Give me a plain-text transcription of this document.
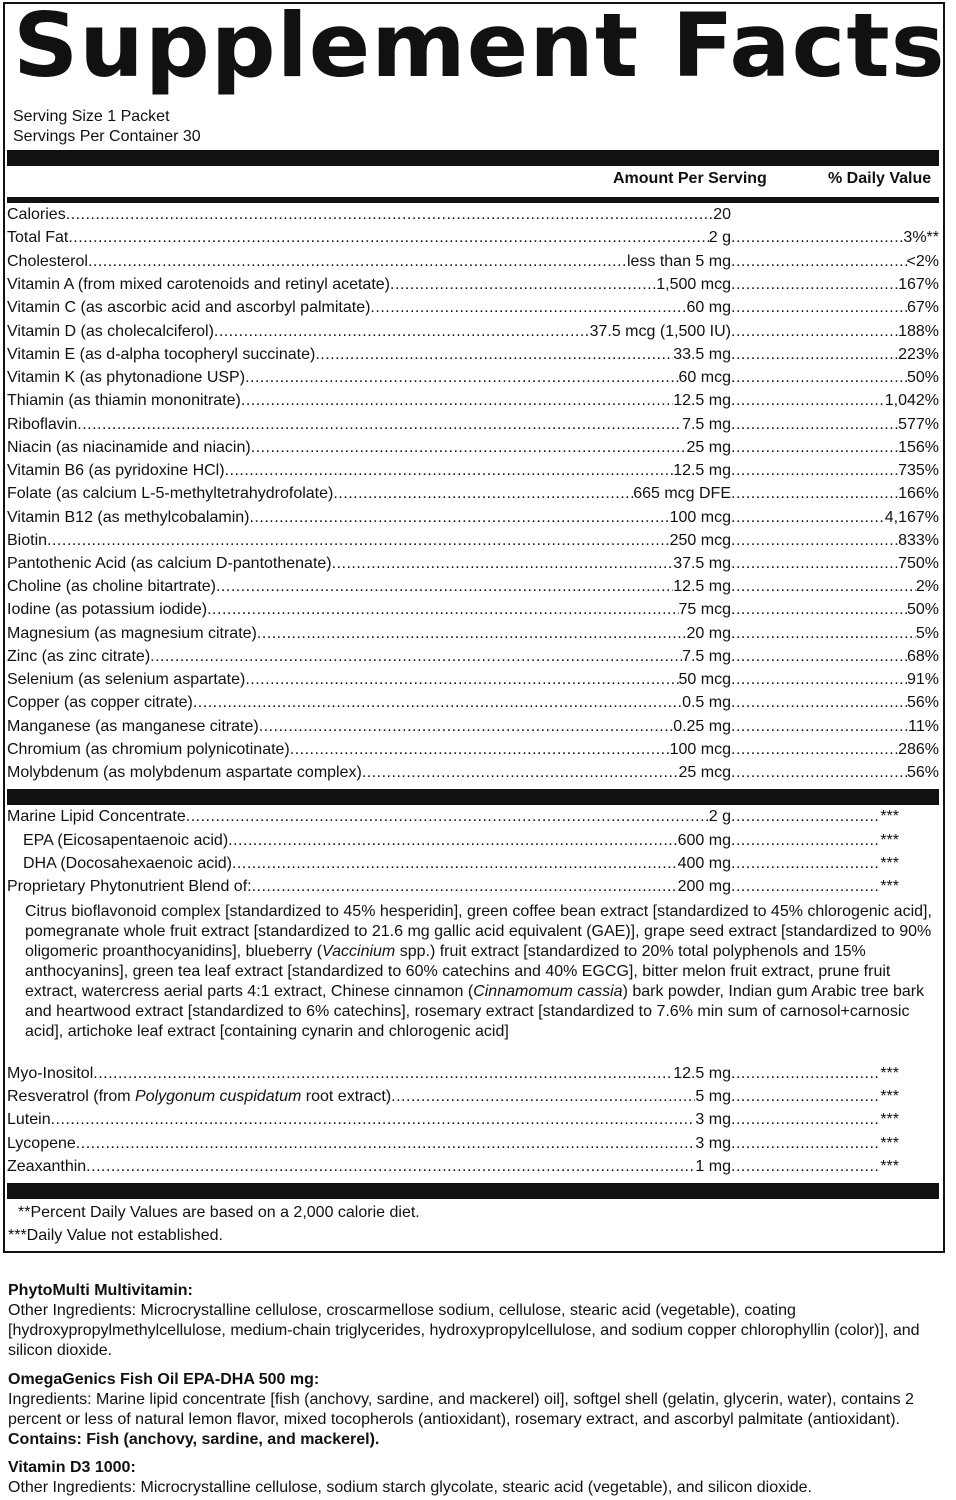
Supplement Facts
Serving Size 1 Packet
Servings Per Container 30
Amount Per Serving	% Daily Value
Calories .....	20
Total Fat .....	2 g .....	3%**
Cholesterol .....	less than 5 mg .....	<2%
Vitamin A (from mixed carotenoids and retinyl acetate) .....	1,500 mcg .....	167%
Vitamin C (as ascorbic acid and ascorbyl palmitate) .....	60 mg .....	67%
Vitamin D (as cholecalciferol) .....	37.5 mcg (1,500 IU) .....	188%
Vitamin E (as d-alpha tocopheryl succinate) .....	33.5 mg .....	223%
Vitamin K (as phytonadione USP) .....	60 mcg .....	50%
Thiamin (as thiamin mononitrate) .....	12.5 mg .....	1,042%
Riboflavin .....	7.5 mg .....	577%
Niacin (as niacinamide and niacin) .....	25 mg .....	156%
Vitamin B6 (as pyridoxine HCl) .....	12.5 mg .....	735%
Folate (as calcium L-5-methyltetrahydrofolate) .....	665 mcg DFE .....	166%
Vitamin B12 (as methylcobalamin) .....	100 mcg .....	4,167%
Biotin .....	250 mcg .....	833%
Pantothenic Acid (as calcium D-pantothenate) .....	37.5 mg .....	750%
Choline (as choline bitartrate) .....	12.5 mg .....	2%
Iodine (as potassium iodide) .....	75 mcg .....	50%
Magnesium (as magnesium citrate) .....	20 mg .....	5%
Zinc (as zinc citrate) .....	7.5 mg .....	68%
Selenium (as selenium aspartate) .....	50 mcg .....	91%
Copper (as copper citrate) .....	0.5 mg .....	56%
Manganese (as manganese citrate) .....	0.25 mg .....	11%
Chromium (as chromium polynicotinate) .....	100 mcg .....	286%
Molybdenum (as molybdenum aspartate complex) .....	25 mcg .....	56%
Marine Lipid Concentrate .....	2 g .....	***
EPA (Eicosapentaenoic acid) .....	600 mg .....	***
DHA (Docosahexaenoic acid) .....	400 mg .....	***
Proprietary Phytonutrient Blend of: .....	200 mg .....	***
Citrus bioflavonoid complex [standardized to 45% hesperidin], green coffee bean extract [standardized to 45% chlorogenic acid], pomegranate whole fruit extract [standardized to 21.6 mg gallic acid equivalent (GAE)], grape seed extract [standardized to 90% oligomeric proanthocyanidins], blueberry (Vaccinium spp.) fruit extract [standardized to 20% total polyphenols and 15% anthocyanins], green tea leaf extract [standardized to 60% catechins and 40% EGCG], bitter melon fruit extract, prune fruit extract, watercress aerial parts 4:1 extract, Chinese cinnamon (Cinnamomum cassia) bark powder, Indian gum Arabic tree bark and heartwood extract [standardized to 6% catechins], rosemary extract [standardized to 7.6% min sum of carnosol+carnosic acid], artichoke leaf extract [containing cynarin and chlorogenic acid]
Myo-Inositol .....	12.5 mg .....	***
Resveratrol (from Polygonum cuspidatum root extract) .....	5 mg .....	***
Lutein .....	3 mg .....	***
Lycopene .....	3 mg .....	***
Zeaxanthin .....	1 mg .....	***
**Percent Daily Values are based on a 2,000 calorie diet.
***Daily Value not established.
PhytoMulti Multivitamin:
Other Ingredients: Microcrystalline cellulose, croscarmellose sodium, cellulose, stearic acid (vegetable), coating [hydroxypropylmethylcellulose, medium-chain triglycerides, hydroxypropylcellulose, and sodium copper chlorophyllin (color)], and silicon dioxide.
OmegaGenics Fish Oil EPA-DHA 500 mg:
Ingredients: Marine lipid concentrate [fish (anchovy, sardine, and mackerel) oil], softgel shell (gelatin, glycerin, water), contains 2 percent or less of natural lemon flavor, mixed tocopherols (antioxidant), rosemary extract, and ascorbyl palmitate (antioxidant).
Contains: Fish (anchovy, sardine, and mackerel).
Vitamin D3 1000:
Other Ingredients: Microcrystalline cellulose, sodium starch glycolate, stearic acid (vegetable), and silicon dioxide.
